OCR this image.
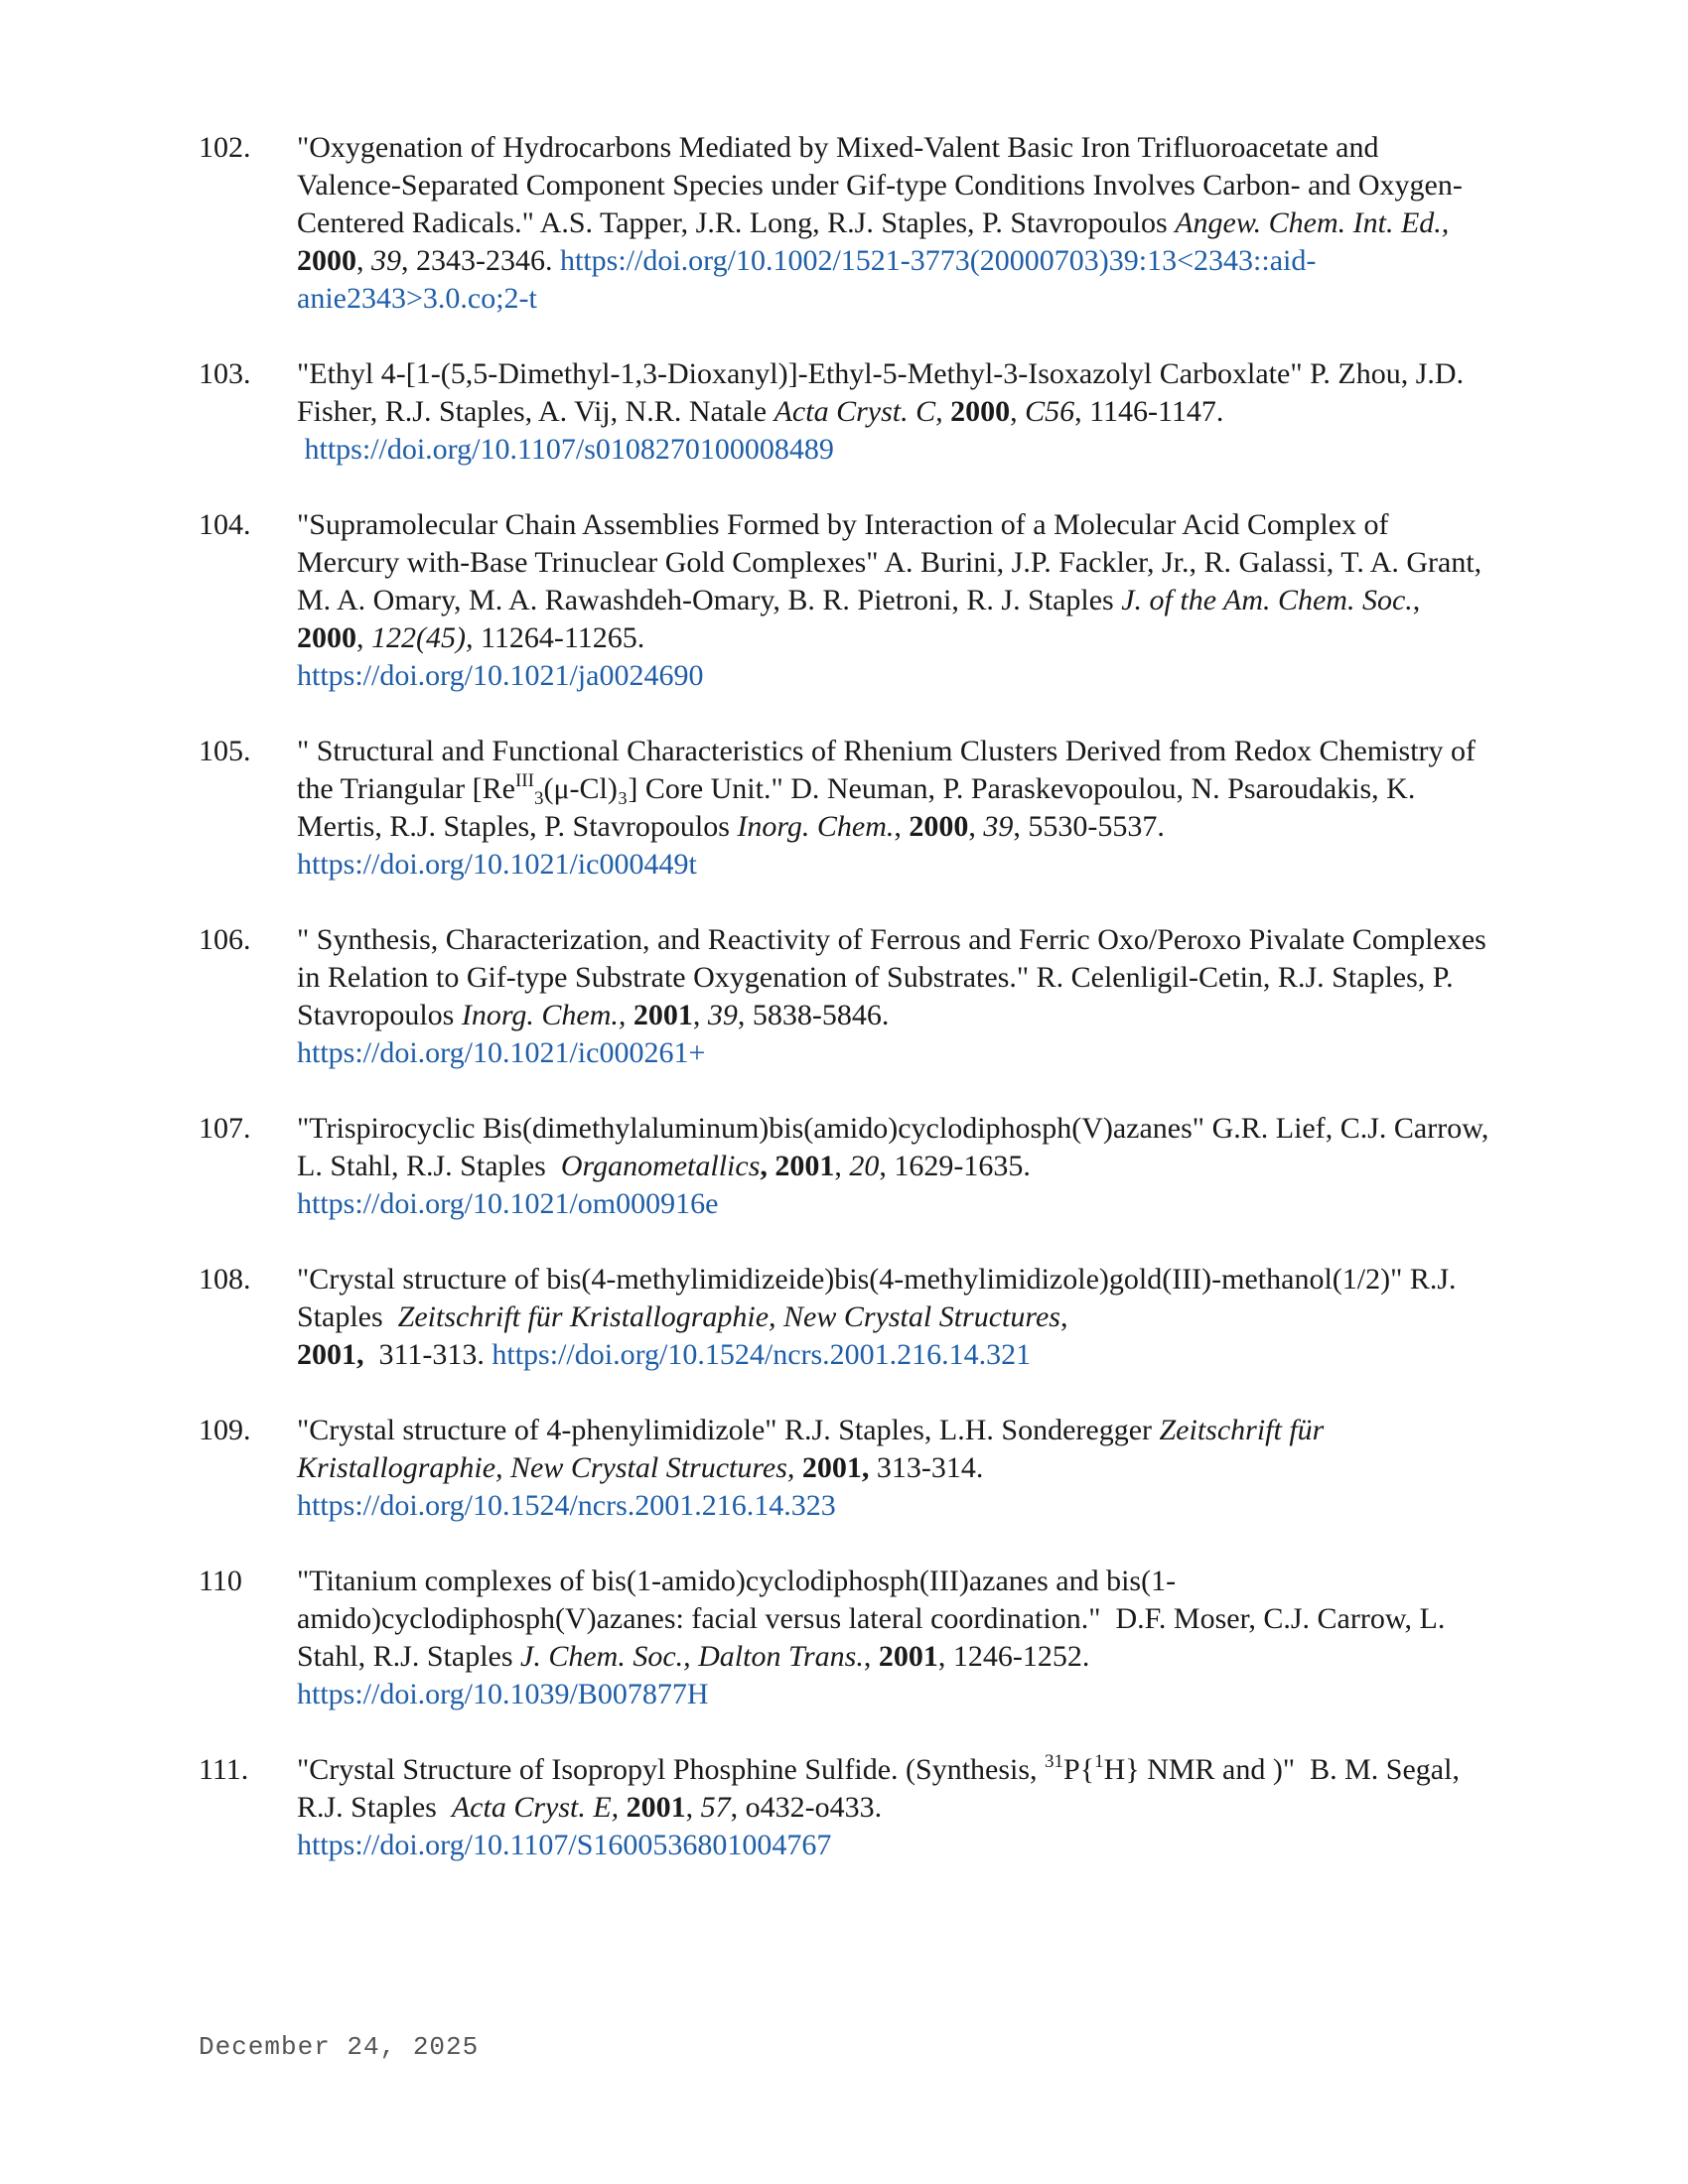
102.	"Oxygenation of Hydrocarbons Mediated by Mixed-Valent Basic Iron Trifluoroacetate and Valence-Separated Component Species under Gif-type Conditions Involves Carbon- and Oxygen-Centered Radicals." A.S. Tapper, J.R. Long, R.J. Staples, P. Stavropoulos Angew. Chem. Int. Ed., 2000, 39, 2343-2346. https://doi.org/10.1002/1521-3773(20000703)39:13<2343::aid-anie2343>3.0.co;2-t
103.	"Ethyl 4-[1-(5,5-Dimethyl-1,3-Dioxanyl)]-Ethyl-5-Methyl-3-Isoxazolyl Carboxlate" P. Zhou, J.D. Fisher, R.J. Staples, A. Vij, N.R. Natale Acta Cryst. C, 2000, C56, 1146-1147.
https://doi.org/10.1107/s0108270100008489
104.	"Supramolecular Chain Assemblies Formed by Interaction of a Molecular Acid Complex of Mercury with-Base Trinuclear Gold Complexes" A. Burini, J.P. Fackler, Jr., R. Galassi, T. A. Grant, M. A. Omary, M. A. Rawashdeh-Omary, B. R. Pietroni, R. J. Staples J. of the Am. Chem. Soc., 2000, 122(45), 11264-11265.
https://doi.org/10.1021/ja0024690
105.	" Structural and Functional Characteristics of Rhenium Clusters Derived from Redox Chemistry of the Triangular $[Re^{III}_3(\mu-Cl)_3]$ Core Unit." D. Neuman, P. Paraskevopoulou, N. Psaroudakis, K. Mertis, R.J. Staples, P. Stavropoulos Inorg. Chem., 2000, 39, 5530-5537. https://doi.org/10.1021/ic000449t
106.	" Synthesis, Characterization, and Reactivity of Ferrous and Ferric Oxo/Peroxo Pivalate Complexes in Relation to Gif-type Substrate Oxygenation of Substrates." R. Celenligil-Cetin, R.J. Staples, P. Stavropoulos Inorg. Chem., 2001, 39, 5838-5846.
https://doi.org/10.1021/ic000261+
107.	"Trispirocyclic Bis(dimethylaluminum)bis(amido)cyclodiphosph(V)azanes" G.R. Lief, C.J. Carrow, L. Stahl, R.J. Staples Organometallics, 2001, 20, 1629-1635.
https://doi.org/10.1021/om000916e
108.	"Crystal structure of bis(4-methylimidizeide)bis(4-methylimidizole)gold(III)-methanol(1/2)" R.J. Staples Zeitschrift für Kristallographie, New Crystal Structures,
2001, 311-313. https://doi.org/10.1524/ncrs.2001.216.14.321
109.	"Crystal structure of 4-phenylimidizole" R.J. Staples, L.H. Sonderegger Zeitschrift für Kristallographie, New Crystal Structures, 2001, 313-314.
https://doi.org/10.1524/ncrs.2001.216.14.323
110	"Titanium complexes of bis(1-amido)cyclodiphosph(III)azanes and bis(1-amido)cyclodiphosph(V)azanes: facial versus lateral coordination." D.F. Moser, C.J. Carrow, L. Stahl, R.J. Staples J. Chem. Soc., Dalton Trans., 2001, 1246-1252.
https://doi.org/10.1039/B007877H
111.	"Crystal Structure of Isopropyl Phosphine Sulfide. (Synthesis, $^{31}$P{$^1$H} NMR and )" B. M. Segal, R.J. Staples Acta Cryst. E, 2001, 57, o432-o433.
https://doi.org/10.1107/S1600536801004767
December 24, 2025
